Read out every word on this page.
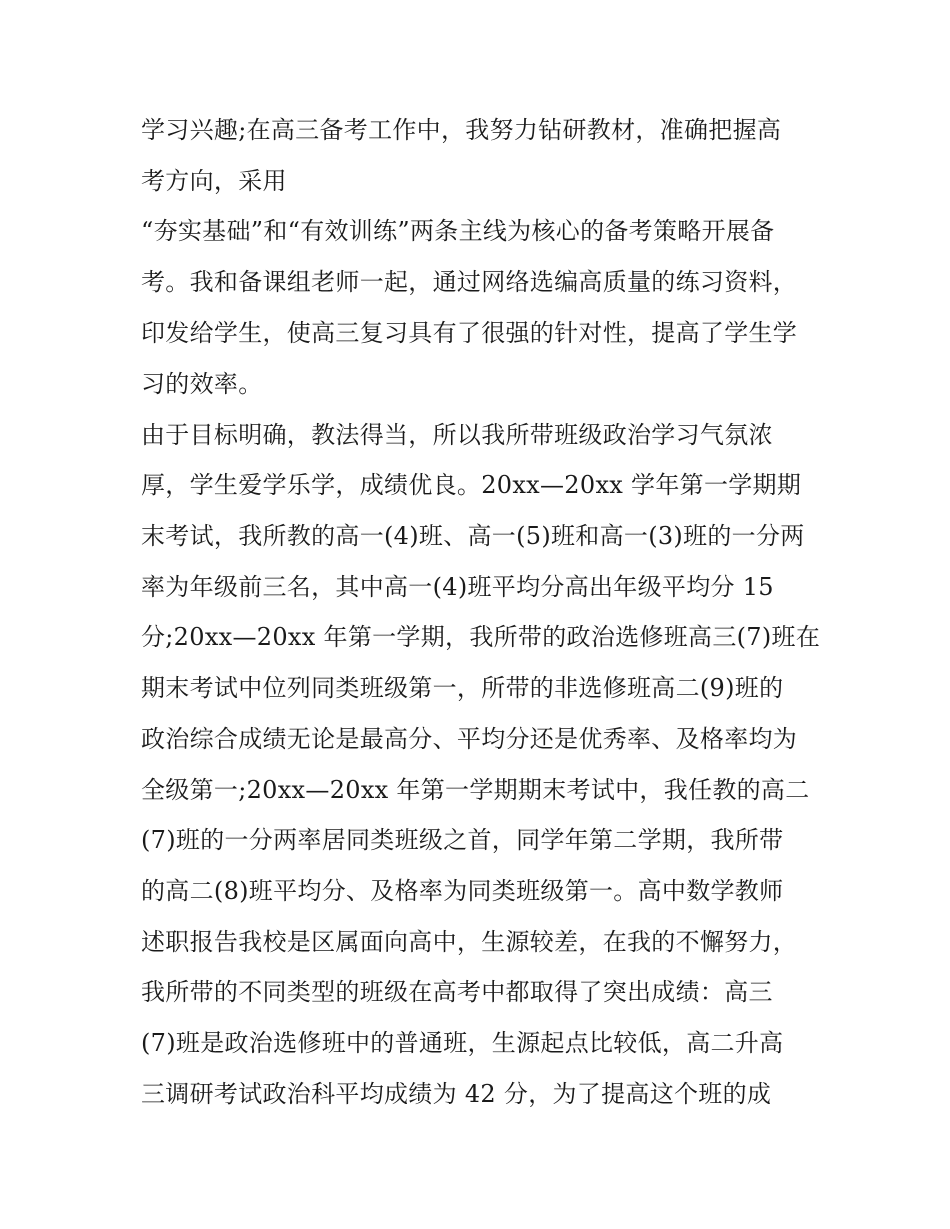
学习兴趣;在高三备考工作中，我努力钻研教材，准确把握高
考方向，采用
“夯实基础”和“有效训练”两条主线为核心的备考策略开展备
考。我和备课组老师一起，通过网络选编高质量的练习资料，
印发给学生，使高三复习具有了很强的针对性，提高了学生学
习的效率。
由于目标明确，教法得当，所以我所带班级政治学习气氛浓
厚，学生爱学乐学，成绩优良。20xx—20xx 学年第一学期期
末考试，我所教的高一(4)班、高一(5)班和高一(3)班的一分两
率为年级前三名，其中高一(4)班平均分高出年级平均分 15
分;20xx—20xx 年第一学期，我所带的政治选修班高三(7)班在
期末考试中位列同类班级第一，所带的非选修班高二(9)班的
政治综合成绩无论是最高分、平均分还是优秀率、及格率均为
全级第一;20xx—20xx 年第一学期期末考试中，我任教的高二
(7)班的一分两率居同类班级之首，同学年第二学期，我所带
的高二(8)班平均分、及格率为同类班级第一。高中数学教师
述职报告我校是区属面向高中，生源较差，在我的不懈努力，
我所带的不同类型的班级在高考中都取得了突出成绩：高三
(7)班是政治选修班中的普通班，生源起点比较低，高二升高
三调研考试政治科平均成绩为 42 分，为了提高这个班的成
